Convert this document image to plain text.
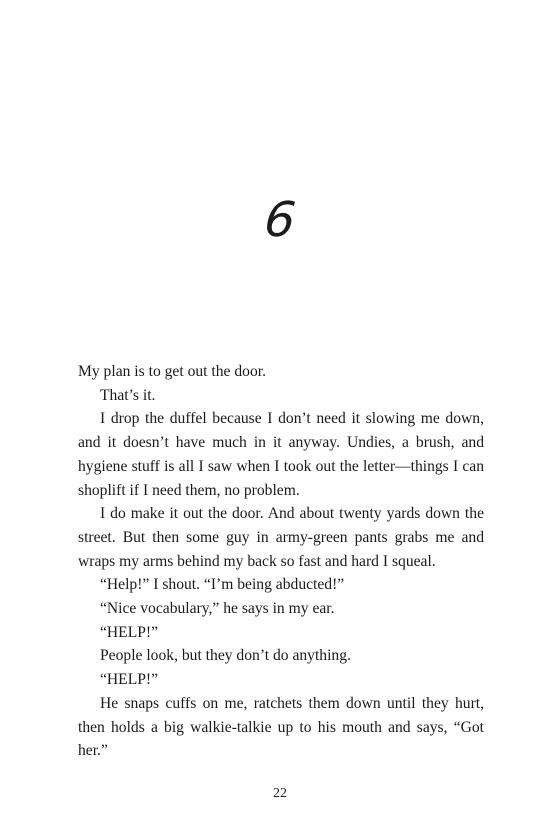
6

My plan is to get out the door.

That’s it.

I drop the duffel because I don’t need it slowing me down, and it doesn’t have much in it anyway. Undies, a brush, and hygiene stuff is all I saw when I took out the letter—things I can shoplift if I need them, no problem.

I do make it out the door. And about twenty yards down the street. But then some guy in army-green pants grabs me and wraps my arms behind my back so fast and hard I squeal.

“Help!” I shout. “I’m being abducted!”

“Nice vocabulary,” he says in my ear.

“HELP!”

People look, but they don’t do anything.

“HELP!”

He snaps cuffs on me, ratchets them down until they hurt, then holds a big walkie-talkie up to his mouth and says, “Got her.”

22
